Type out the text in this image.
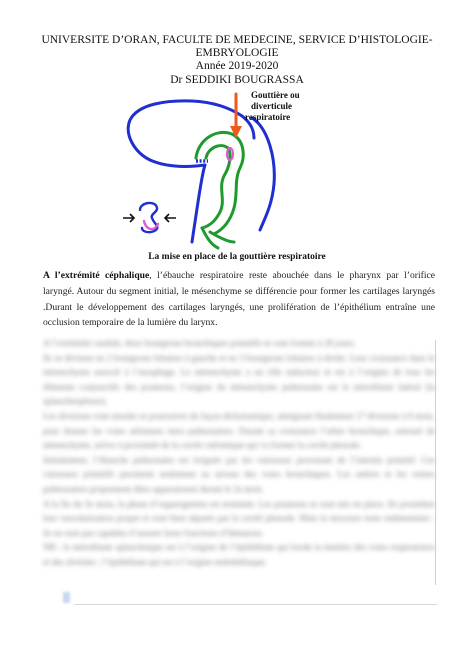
UNIVERSITE D’ORAN, FACULTE DE MEDECINE, SERVICE D’HISTOLOGIE-
EMBRYOLOGIE
Année 2019-2020
Dr SEDDIKI BOUGRASSA
Gouttière ou
diverticule
respiratoire
La mise en place de la gouttière respiratoire
A l’extrémité céphalique, l’ébauche respiratoire reste abouchée dans le pharynx par l’orifice laryngé. Autour du segment initial, le mésenchyme se différencie pour former les cartilages laryngés .Durant le développement des cartilages laryngés, une prolifération de l’épithélium entraîne une occlusion temporaire de la lumière du larynx.

A l’extrémité caudale, deux bourgeons bronchiques primitifs se sont formés à 26 jours.

Ils se divisent en 2 bourgeons lobaires à gauche et en 3 bourgeons lobaires à droite. Leur croissance dans le mésenchyme associé à l’œsophage. Le mésenchyme a un rôle inducteur et est à l’origine de tous les éléments conjonctifs des poumons, l’origine du mésenchyme pulmonaire est le mésoblaste latéral (la splanchnopleure).

Les divisions vont ensuite se poursuivre de façon dichotomique, atteignant finalement 17 divisions à 6 mois, pour donner les voies aériennes intra pulmonaires. Durant sa croissance l’arbre bronchique, entouré de mésenchyme, arrive à proximité de la cavité cœlomique qui va former la cavité pleurale.

Initialement, l’ébauche pulmonaire est irriguée par les vaisseaux provenant de l’intestin primitif. Ces vaisseaux primitifs persistent seulement au niveau des voies bronchiques. Les artères et les veines pulmonaires proprement dites apparaissent durant le 2e mois.

A la fin du 5e mois, la phase d’organogenèse est terminée. Les poumons se sont mis en place. Ils possèdent leur vascularisation propre et sont bien séparés par la cavité pleurale. Mais la structure reste rudimentaire : ils ne sont pas capables d’assurer leurs fonctions d’hématose.

NB : le mésoblaste splanchnique est à l’origine de l’épithélium qui borde la lumière des voies respiratoires et des alvéoles ; l’épithélium qui est à l’origine endothéliaque.
